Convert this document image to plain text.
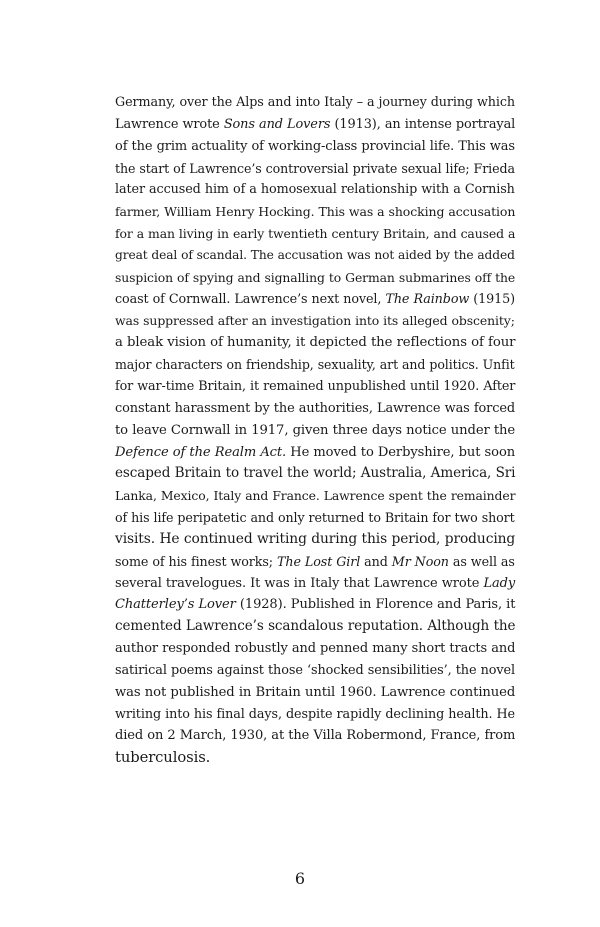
Germany, over the Alps and into Italy – a journey during which
Lawrence wrote Sons and Lovers (1913), an intense portrayal
of the grim actuality of working-class provincial life. This was
the start of Lawrence’s controversial private sexual life; Frieda
later accused him of a homosexual relationship with a Cornish
farmer, William Henry Hocking. This was a shocking accusation
for a man living in early twentieth century Britain, and caused a
great deal of scandal. The accusation was not aided by the added
suspicion of spying and signalling to German submarines off the
coast of Cornwall. Lawrence’s next novel, The Rainbow (1915)
was suppressed after an investigation into its alleged obscenity;
a bleak vision of humanity, it depicted the reflections of four
major characters on friendship, sexuality, art and politics. Unfit
for war-time Britain, it remained unpublished until 1920. After
constant harassment by the authorities, Lawrence was forced
to leave Cornwall in 1917, given three days notice under the
Defence of the Realm Act. He moved to Derbyshire, but soon
escaped Britain to travel the world; Australia, America, Sri
Lanka, Mexico, Italy and France. Lawrence spent the remainder
of his life peripatetic and only returned to Britain for two short
visits. He continued writing during this period, producing
some of his finest works; The Lost Girl and Mr Noon as well as
several travelogues. It was in Italy that Lawrence wrote Lady
Chatterley’s Lover (1928). Published in Florence and Paris, it
cemented Lawrence’s scandalous reputation. Although the
author responded robustly and penned many short tracts and
satirical poems against those ‘shocked sensibilities’, the novel
was not published in Britain until 1960. Lawrence continued
writing into his final days, despite rapidly declining health. He
died on 2 March, 1930, at the Villa Robermond, France, from
tuberculosis.
6
